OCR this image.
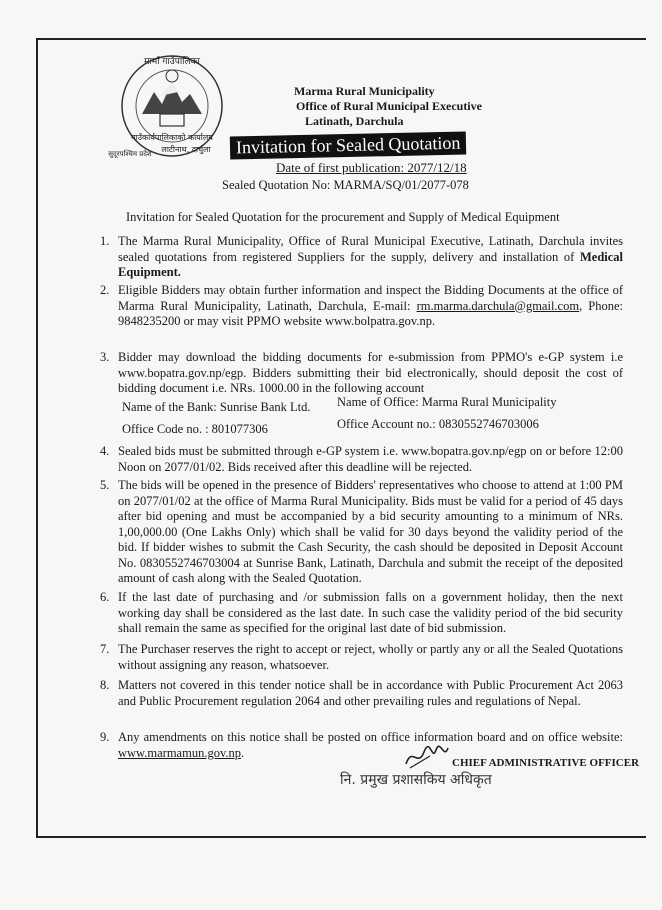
मार्मा गाउँपालिका
गाउँकार्यपालिकाको कार्यालय
लाटीनाथ, दार्चुला
सुदूरपश्चिम प्रदेश
Marma Rural Municipality
Office of Rural Municipal Executive
Latinath, Darchula
Invitation for Sealed Quotation
Date of first publication: 2077/12/18
Sealed Quotation No: MARMA/SQ/01/2077-078
Invitation for Sealed Quotation for the procurement and Supply of Medical Equipment
1. The Marma Rural Municipality, Office of Rural Municipal Executive, Latinath, Darchula invites sealed quotations from registered Suppliers for the supply, delivery and installation of Medical Equipment.
2. Eligible Bidders may obtain further information and inspect the Bidding Documents at the office of Marma Rural Municipality, Latinath, Darchula, E-mail: rm.marma.darchula@gmail.com, Phone: 9848235200 or may visit PPMO website www.bolpatra.gov.np.
3. Bidder may download the bidding documents for e-submission from PPMO's e-GP system i.e www.bopatra.gov.np/egp. Bidders submitting their bid electronically, should deposit the cost of bidding document i.e. NRs. 1000.00 in the following account
Name of the Bank: Sunrise Bank Ltd. Name of Office: Marma Rural Municipality
Office Code no. : 801077306	Office Account no.: 0830552746703006
4. Sealed bids must be submitted through e-GP system i.e. www.bopatra.gov.np/egp on or before 12:00 Noon on 2077/01/02. Bids received after this deadline will be rejected.
5. The bids will be opened in the presence of Bidders' representatives who choose to attend at 1:00 PM on 2077/01/02 at the office of Marma Rural Municipality. Bids must be valid for a period of 45 days after bid opening and must be accompanied by a bid security amounting to a minimum of NRs. 1,00,000.00 (One Lakhs Only) which shall be valid for 30 days beyond the validity period of the bid. If bidder wishes to submit the Cash Security, the cash should be deposited in Deposit Account No. 0830552746703004 at Sunrise Bank, Latinath, Darchula and submit the receipt of the deposited amount of cash along with the Sealed Quotation.
6. If the last date of purchasing and /or submission falls on a government holiday, then the next working day shall be considered as the last date. In such case the validity period of the bid security shall remain the same as specified for the original last date of bid submission.
7. The Purchaser reserves the right to accept or reject, wholly or partly any or all the Sealed Quotations without assigning any reason, whatsoever.
8. Matters not covered in this tender notice shall be in accordance with Public Procurement Act 2063 and Public Procurement regulation 2064 and other prevailing rules and regulations of Nepal.
9. Any amendments on this notice shall be posted on office information board and on office website: www.marmamun.gov.np.
CHIEF ADMINISTRATIVE OFFICER
नि. प्रमुख प्रशासकिय अधिकृत
